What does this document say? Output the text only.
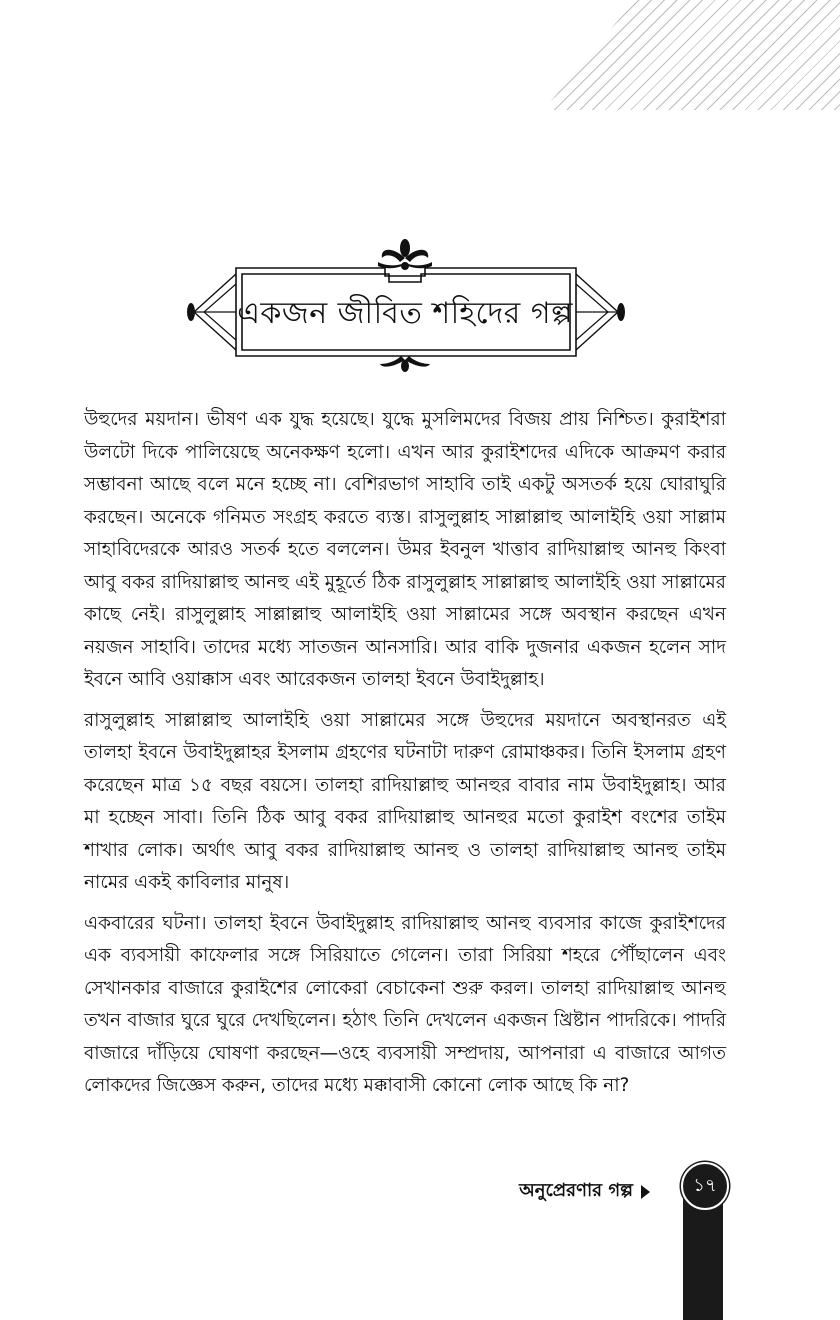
একজন জীবিত শহিদের গল্প

উহুদের ময়দান। ভীষণ এক যুদ্ধ হয়েছে। যুদ্ধে মুসলিমদের বিজয় প্রায় নিশ্চিত। কুরাইশরা উলটো দিকে পালিয়েছে অনেকক্ষণ হলো। এখন আর কুরাইশদের এদিকে আক্রমণ করার সম্ভাবনা আছে বলে মনে হচ্ছে না। বেশিরভাগ সাহাবি তাই একটু অসতর্ক হয়ে ঘোরাঘুরি করছেন। অনেকে গনিমত সংগ্রহ করতে ব্যস্ত। রাসুলুল্লাহ সাল্লাল্লাহু আলাইহি ওয়া সাল্লাম সাহাবিদেরকে আরও সতর্ক হতে বললেন। উমর ইবনুল খাত্তাব রাদিয়াল্লাহু আনহু কিংবা আবু বকর রাদিয়াল্লাহু আনহু এই মুহূর্তে ঠিক রাসুলুল্লাহ সাল্লাল্লাহু আলাইহি ওয়া সাল্লামের কাছে নেই। রাসুলুল্লাহ সাল্লাল্লাহু আলাইহি ওয়া সাল্লামের সঙ্গে অবস্থান করছেন এখন নয়জন সাহাবি। তাদের মধ্যে সাতজন আনসারি। আর বাকি দুজনার একজন হলেন সাদ ইবনে আবি ওয়াক্কাস এবং আরেকজন তালহা ইবনে উবাইদুল্লাহ।

রাসুলুল্লাহ সাল্লাল্লাহু আলাইহি ওয়া সাল্লামের সঙ্গে উহুদের ময়দানে অবস্থানরত এই তালহা ইবনে উবাইদুল্লাহর ইসলাম গ্রহণের ঘটনাটা দারুণ রোমাঞ্চকর। তিনি ইসলাম গ্রহণ করেছেন মাত্র ১৫ বছর বয়সে। তালহা রাদিয়াল্লাহু আনহুর বাবার নাম উবাইদুল্লাহ। আর মা হচ্ছেন সাবা। তিনি ঠিক আবু বকর রাদিয়াল্লাহু আনহুর মতো কুরাইশ বংশের তাইম শাখার লোক। অর্থাৎ আবু বকর রাদিয়াল্লাহু আনহু ও তালহা রাদিয়াল্লাহু আনহু তাইম নামের একই কাবিলার মানুষ।

একবারের ঘটনা। তালহা ইবনে উবাইদুল্লাহ রাদিয়াল্লাহু আনহু ব্যবসার কাজে কুরাইশদের এক ব্যবসায়ী কাফেলার সঙ্গে সিরিয়াতে গেলেন। তারা সিরিয়া শহরে পৌঁছালেন এবং সেখানকার বাজারে কুরাইশের লোকেরা বেচাকেনা শুরু করল। তালহা রাদিয়াল্লাহু আনহু তখন বাজার ঘুরে ঘুরে দেখছিলেন। হঠাৎ তিনি দেখলেন একজন খ্রিষ্টান পাদরিকে। পাদরি বাজারে দাঁড়িয়ে ঘোষণা করছেন—ওহে ব্যবসায়ী সম্প্রদায়, আপনারা এ বাজারে আগত লোকদের জিজ্ঞেস করুন, তাদের মধ্যে মক্কাবাসী কোনো লোক আছে কি না?

অনুপ্রেরণার গল্প	১৭
